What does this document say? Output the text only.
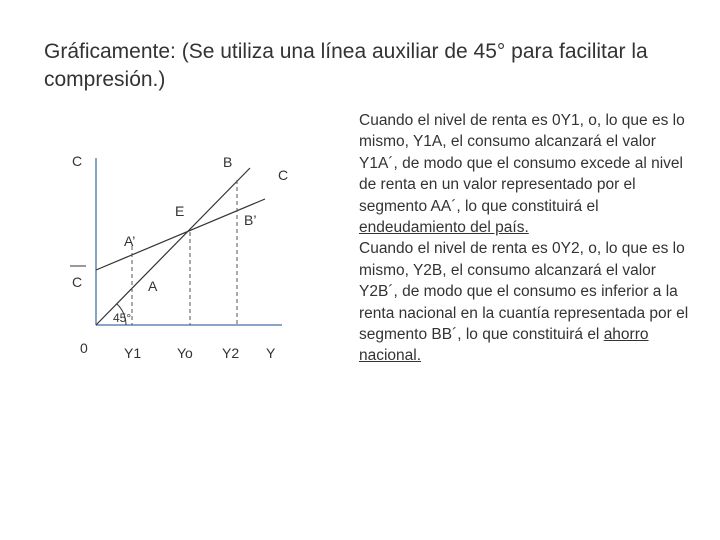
Gráficamente: (Se utiliza una línea auxiliar de 45° para facilitar la compresión.)
C
C
0	Y1	Yo Y2 Y
45°
A
A’
E
B
B’
C
Cuando el nivel de renta es 0Y1, o, lo que es lo mismo, Y1A, el consumo alcanzará el valor Y1A´, de modo que el consumo excede al nivel de renta en un valor representado por el segmento AA´, lo que constituirá el endeudamiento del país.
Cuando el nivel de renta es 0Y2, o, lo que es lo mismo, Y2B, el consumo alcanzará el valor Y2B´, de modo que el consumo es inferior a la renta nacional en la cuantía representada por el segmento BB´, lo que constituirá el ahorro nacional.
